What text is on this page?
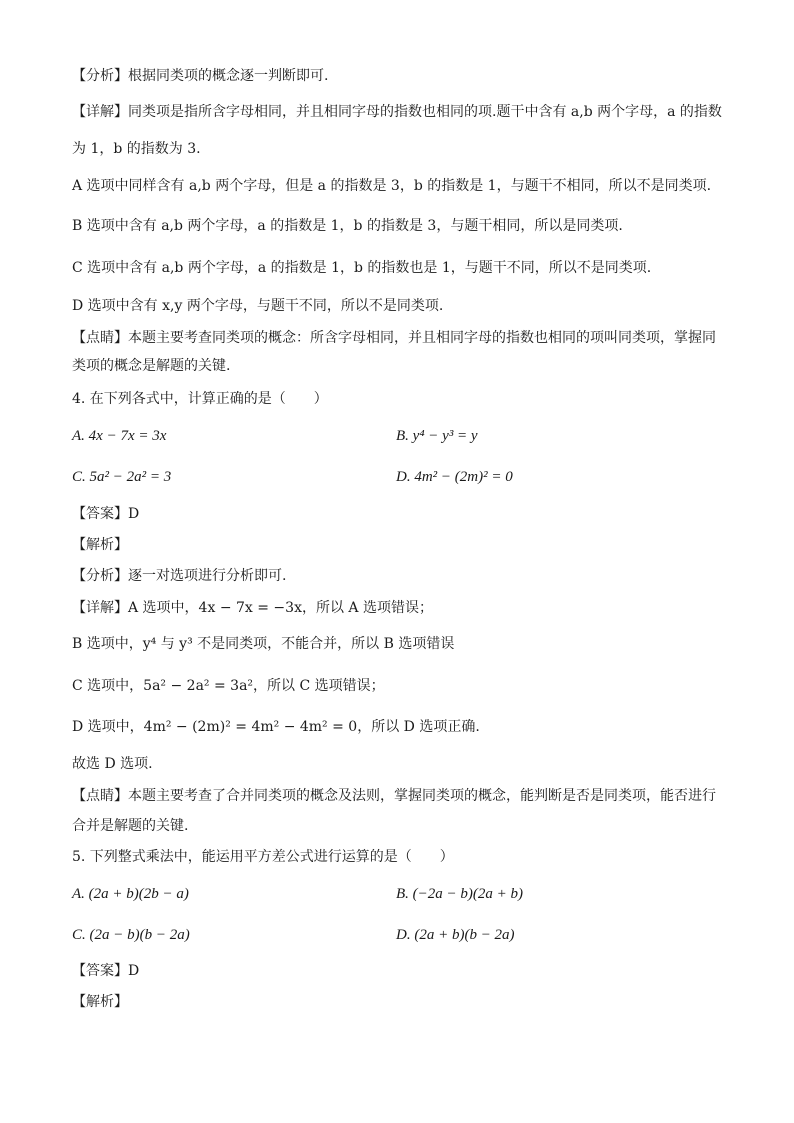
【分析】根据同类项的概念逐一判断即可.
【详解】同类项是指所含字母相同，并且相同字母的指数也相同的项.题干中含有 a,b 两个字母，a 的指数
为 1，b 的指数为 3.
A 选项中同样含有 a,b 两个字母，但是 a 的指数是 3，b 的指数是 1，与题干不相同，所以不是同类项.
B 选项中含有 a,b 两个字母，a 的指数是 1，b 的指数是 3，与题干相同，所以是同类项.
C 选项中含有 a,b 两个字母，a 的指数是 1，b 的指数也是 1，与题干不同，所以不是同类项.
D 选项中含有 x,y 两个字母，与题干不同，所以不是同类项.
【点睛】本题主要考查同类项的概念：所含字母相同，并且相同字母的指数也相同的项叫同类项，掌握同
类项的概念是解题的关键.
4. 在下列各式中，计算正确的是（　　）
A. 4x − 7x = 3x	B. y⁴ − y³ = y
C. 5a² − 2a² = 3	D. 4m² − (2m)² = 0
【答案】D
【解析】
【分析】逐一对选项进行分析即可.
【详解】A 选项中，4x − 7x = −3x，所以 A 选项错误；
B 选项中，y⁴ 与 y³ 不是同类项，不能合并，所以 B 选项错误
C 选项中，5a² − 2a² = 3a²，所以 C 选项错误；
D 选项中，4m² − (2m)² = 4m² − 4m² = 0，所以 D 选项正确.
故选 D 选项.
【点睛】本题主要考查了合并同类项的概念及法则，掌握同类项的概念，能判断是否是同类项，能否进行
合并是解题的关键.
5. 下列整式乘法中，能运用平方差公式进行运算的是（　　）
A. (2a + b)(2b − a)	B. (−2a − b)(2a + b)
C. (2a − b)(b − 2a)	D. (2a + b)(b − 2a)
【答案】D
【解析】
